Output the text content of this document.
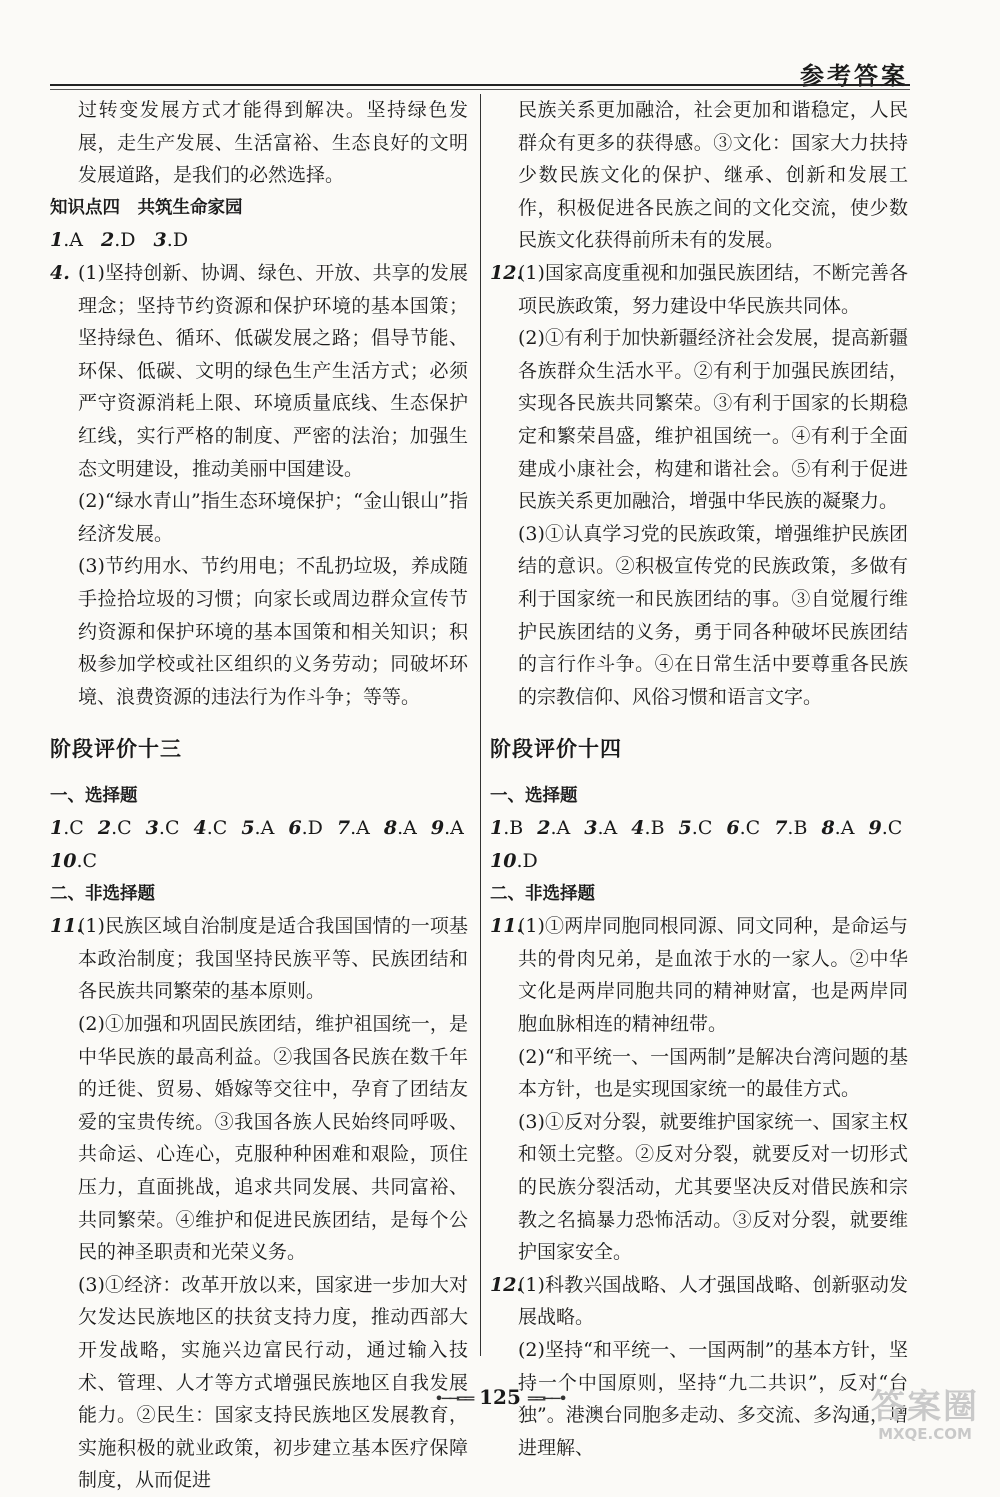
参考答案

过转变发展方式才能得到解决。坚持绿色发展，走生产发展、生活富裕、生态良好的文明发展道路，是我们的必然选择。

知识点四　共筑生命家园

1.A 2.D 3.D

4. (1)坚持创新、协调、绿色、开放、共享的发展理念；坚持节约资源和保护环境的基本国策；坚持绿色、循环、低碳发展之路；倡导节能、环保、低碳、文明的绿色生产生活方式；必须严守资源消耗上限、环境质量底线、生态保护红线，实行严格的制度、严密的法治；加强生态文明建设，推动美丽中国建设。

(2)“绿水青山”指生态环境保护；“金山银山”指经济发展。

(3)节约用水、节约用电；不乱扔垃圾，养成随手捡拾垃圾的习惯；向家长或周边群众宣传节约资源和保护环境的基本国策和相关知识；积极参加学校或社区组织的义务劳动；同破坏环境、浪费资源的违法行为作斗争；等等。

阶段评价十三

一、选择题

1.C 2.C 3.C 4.C 5.A 6.D 7.A 8.A 9.A
10.C

二、非选择题

11.

(1)民族区域自治制度是适合我国国情的一项基本政治制度；我国坚持民族平等、民族团结和各民族共同繁荣的基本原则。

(2)①加强和巩固民族团结，维护祖国统一，是中华民族的最高利益。②我国各民族在数千年的迁徙、贸易、婚嫁等交往中，孕育了团结友爱的宝贵传统。③我国各族人民始终同呼吸、共命运、心连心，克服种种困难和艰险，顶住压力，直面挑战，追求共同发展、共同富裕、共同繁荣。④维护和促进民族团结，是每个公民的神圣职责和光荣义务。

(3)①经济：改革开放以来，国家进一步加大对欠发达民族地区的扶贫支持力度，推动西部大开发战略，实施兴边富民行动，通过输入技术、管理、人才等方式增强民族地区自我发展能力。②民生：国家支持民族地区发展教育，实施积极的就业政策，初步建立基本医疗保障制度，从而促进

民族关系更加融洽，社会更加和谐稳定，人民群众有更多的获得感。③文化：国家大力扶持少数民族文化的保护、继承、创新和发展工作，积极促进各民族之间的文化交流，使少数民族文化获得前所未有的发展。

12.

(1)国家高度重视和加强民族团结，不断完善各项民族政策，努力建设中华民族共同体。

(2)①有利于加快新疆经济社会发展，提高新疆各族群众生活水平。②有利于加强民族团结，实现各民族共同繁荣。③有利于国家的长期稳定和繁荣昌盛，维护祖国统一。④有利于全面建成小康社会，构建和谐社会。⑤有利于促进民族关系更加融洽，增强中华民族的凝聚力。

(3)①认真学习党的民族政策，增强维护民族团结的意识。②积极宣传党的民族政策，多做有利于国家统一和民族团结的事。③自觉履行维护民族团结的义务，勇于同各种破坏民族团结的言行作斗争。④在日常生活中要尊重各民族的宗教信仰、风俗习惯和语言文字。

阶段评价十四

一、选择题

1.B 2.A 3.A 4.B 5.C 6.C 7.B 8.A 9.C
10.D

二、非选择题

11.

(1)①两岸同胞同根同源、同文同种，是命运与共的骨肉兄弟，是血浓于水的一家人。②中华文化是两岸同胞共同的精神财富，也是两岸同胞血脉相连的精神纽带。

(2)“和平统一、一国两制”是解决台湾问题的基本方针，也是实现国家统一的最佳方式。

(3)①反对分裂，就要维护国家统一、国家主权和领土完整。②反对分裂，就要反对一切形式的民族分裂活动，尤其要坚决反对借民族和宗教之名搞暴力恐怖活动。③反对分裂，就要维护国家安全。

12.

(1)科教兴国战略、人才强国战略、创新驱动发展战略。

(2)坚持“和平统一、一国两制”的基本方针，坚持一个中国原则，坚持“九二共识”，反对“台独”。港澳台同胞多走动、多交流、多沟通，增进理解、

•──══ 125 ══──•	答案圈
MXQE.COM
